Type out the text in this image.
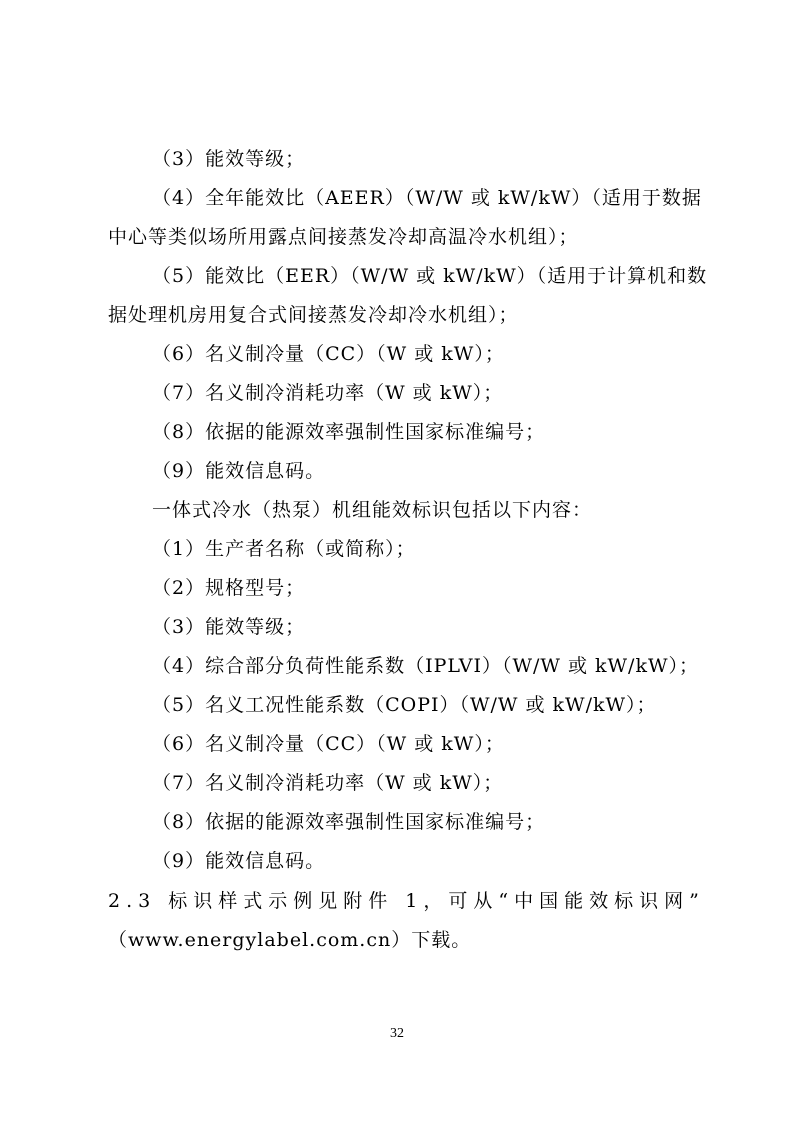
（3）能效等级；
（4）全年能效比（AEER）（W/W 或 kW/kW）（适用于数据
中心等类似场所用露点间接蒸发冷却高温冷水机组）；
（5）能效比（EER）（W/W 或 kW/kW）（适用于计算机和数
据处理机房用复合式间接蒸发冷却冷水机组）；
（6）名义制冷量（CC）（W 或 kW）；
（7）名义制冷消耗功率（W 或 kW）；
（8）依据的能源效率强制性国家标准编号；
（9）能效信息码。
一体式冷水（热泵）机组能效标识包括以下内容：
（1）生产者名称（或简称）；
（2）规格型号；
（3）能效等级；
（4）综合部分负荷性能系数（IPLVI）（W/W 或 kW/kW）；
（5）名义工况性能系数（COPI）（W/W 或 kW/kW）；
（6）名义制冷量（CC）（W 或 kW）；
（7）名义制冷消耗功率（W 或 kW）；
（8）依据的能源效率强制性国家标准编号；
（9）能效信息码。
2.3 标识样式示例见附件 1，可从“中国能效标识网”
（www.energylabel.com.cn）下载。
32
